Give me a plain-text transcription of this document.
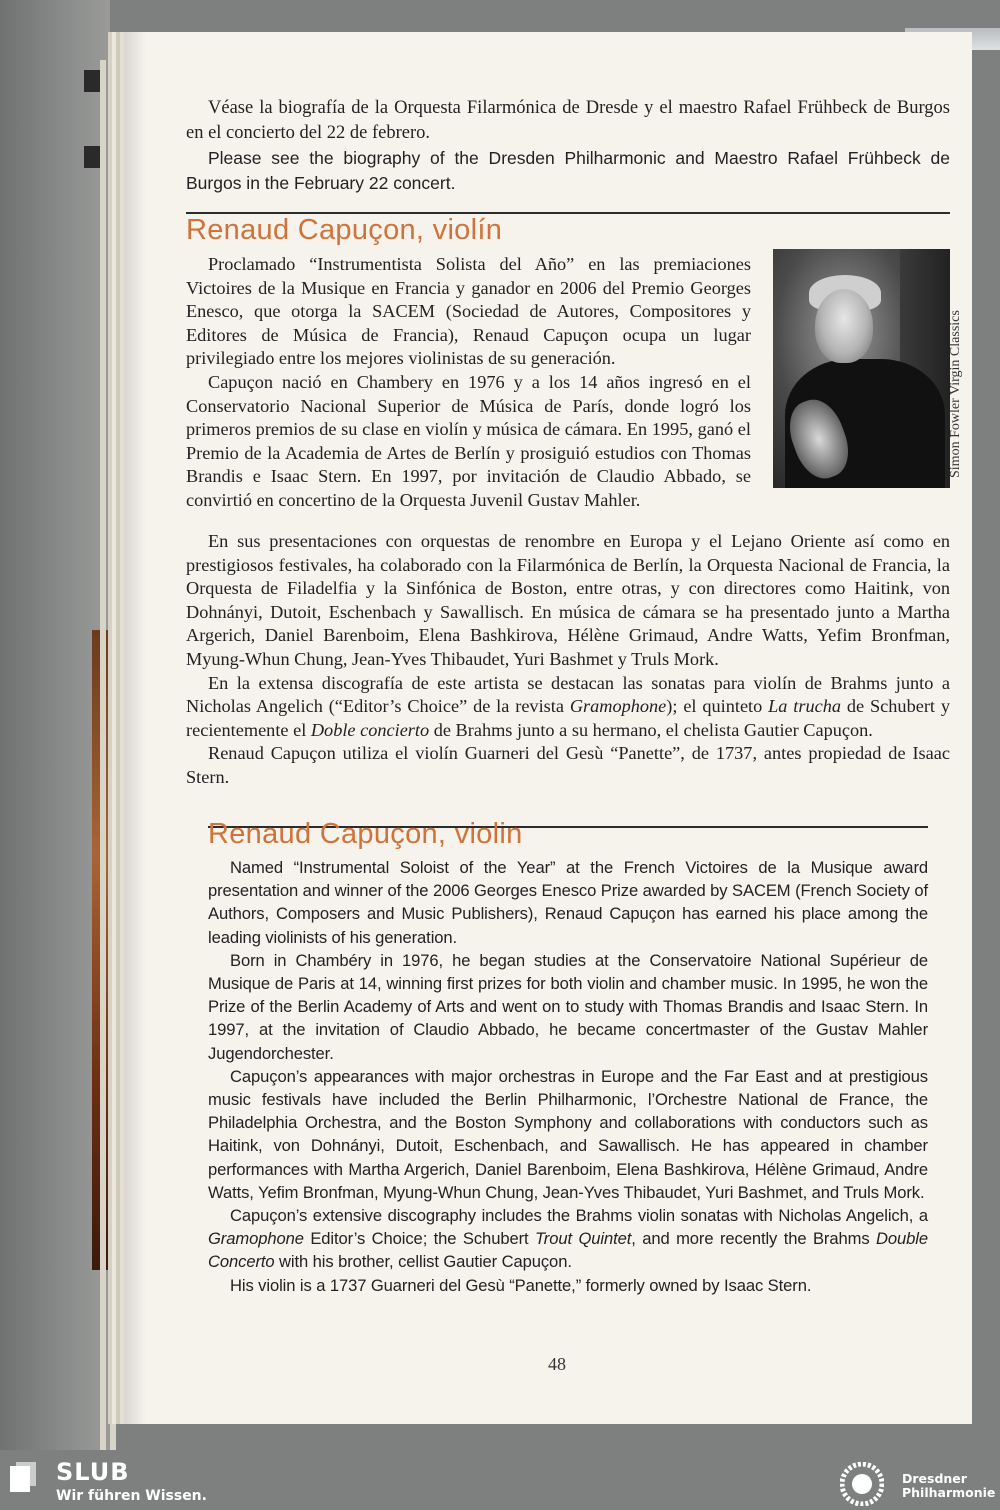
Véase la biografía de la Orquesta Filarmónica de Dresde y el maestro Rafael Frühbeck de Burgos en el concierto del 22 de febrero.

Please see the biography of the Dresden Philharmonic and Maestro Rafael Frühbeck de Burgos in the February 22 concert.

Renaud Capuçon, violín

Proclamado “Instrumentista Solista del Año” en las premiaciones Victoires de la Musique en Francia y ganador en 2006 del Premio Georges Enesco, que otorga la SACEM (Sociedad de Autores, Compositores y Editores de Música de Francia), Renaud Capuçon ocupa un lugar privilegiado entre los mejores violinistas de su generación.

Capuçon nació en Chambery en 1976 y a los 14 años ingresó en el Conservatorio Nacional Superior de Música de París, donde logró los primeros premios de su clase en violín y música de cámara. En 1995, ganó el Premio de la Academia de Artes de Berlín y prosiguió estudios con Thomas Brandis e Isaac Stern. En 1997, por invitación de Claudio Abbado, se convirtió en concertino de la Orquesta Juvenil Gustav Mahler.

Simon Fowler Virgin Classics

En sus presentaciones con orquestas de renombre en Europa y el Lejano Oriente así como en prestigiosos festivales, ha colaborado con la Filarmónica de Berlín, la Orquesta Nacional de Francia, la Orquesta de Filadelfia y la Sinfónica de Boston, entre otras, y con directores como Haitink, von Dohnányi, Dutoit, Eschenbach y Sawallisch. En música de cámara se ha presentado junto a Martha Argerich, Daniel Barenboim, Elena Bashkirova, Hélène Grimaud, Andre Watts, Yefim Bronfman, Myung-Whun Chung, Jean-Yves Thibaudet, Yuri Bashmet y Truls Mork.

En la extensa discografía de este artista se destacan las sonatas para violín de Brahms junto a Nicholas Angelich (“Editor’s Choice” de la revista Gramophone); el quinteto La trucha de Schubert y recientemente el Doble concierto de Brahms junto a su hermano, el chelista Gautier Capuçon.

Renaud Capuçon utiliza el violín Guarneri del Gesù “Panette”, de 1737, antes propiedad de Isaac Stern.

Renaud Capuçon, violin

Named “Instrumental Soloist of the Year” at the French Victoires de la Musique award presentation and winner of the 2006 Georges Enesco Prize awarded by SACEM (French Society of Authors, Composers and Music Publishers), Renaud Capuçon has earned his place among the leading violinists of his generation.

Born in Chambéry in 1976, he began studies at the Conservatoire National Supérieur de Musique de Paris at 14, winning first prizes for both violin and chamber music. In 1995, he won the Prize of the Berlin Academy of Arts and went on to study with Thomas Brandis and Isaac Stern. In 1997, at the invitation of Claudio Abbado, he became concertmaster of the Gustav Mahler Jugendorchester.

Capuçon’s appearances with major orchestras in Europe and the Far East and at prestigious music festivals have included the Berlin Philharmonic, l’Orchestre National de France, the Philadelphia Orchestra, and the Boston Symphony and collaborations with conductors such as Haitink, von Dohnányi, Dutoit, Eschenbach, and Sawallisch. He has appeared in chamber performances with Martha Argerich, Daniel Barenboim, Elena Bashkirova, Hélène Grimaud, Andre Watts, Yefim Bronfman, Myung-Whun Chung, Jean-Yves Thibaudet, Yuri Bashmet, and Truls Mork.

Capuçon’s extensive discography includes the Brahms violin sonatas with Nicholas Angelich, a Gramophone Editor’s Choice; the Schubert Trout Quintet, and more recently the Brahms Double Concerto with his brother, cellist Gautier Capuçon.

His violin is a 1737 Guarneri del Gesù “Panette,” formerly owned by Isaac Stern.

48
SLUB
Wir führen Wissen.
Dresdner
Philharmonie
